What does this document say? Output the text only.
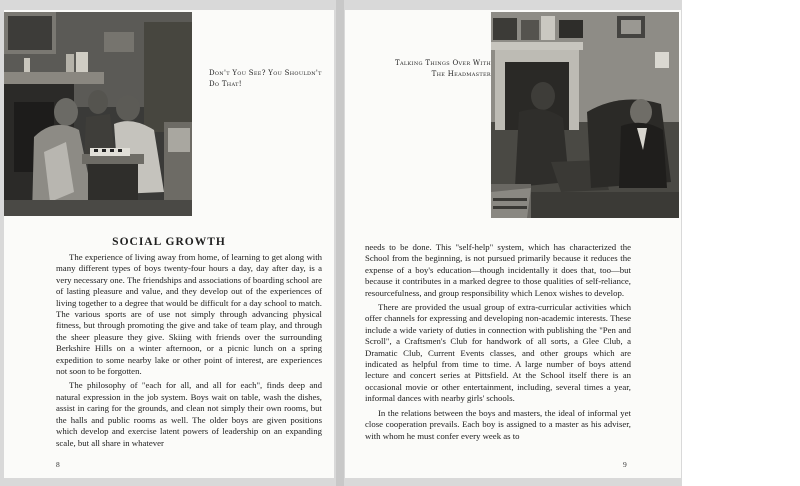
Don't You See? You Shouldn't
Do That!
SOCIAL GROWTH

The experience of living away from home, of learning to get along with many different types of boys twenty-four hours a day, day after day, is a very necessary one. The friendships and associations of boarding school are of lasting pleasure and value, and they develop out of the experiences of living together to a degree that would be difficult for a day school to match. The various sports are of use not simply through advancing physical fitness, but through promoting the give and take of team play, and through the sheer pleasure they give. Skiing with friends over the surrounding Berkshire Hills on a winter afternoon, or a picnic lunch on a spring expedition to some nearby lake or other point of interest, are experiences not soon to be forgotten.

The philosophy of "each for all, and all for each", finds deep and natural expression in the job system. Boys wait on table, wash the dishes, assist in caring for the grounds, and clean not simply their own rooms, but the halls and public rooms as well. The older boys are given positions which develop and exercise latent powers of leadership on an expanding scale, but all share in whatever

8
Talking Things Over With
The Headmaster

needs to be done. This "self-help" system, which has characterized the School from the beginning, is not pursued primarily because it reduces the expense of a boy's education—though incidentally it does that, too—but because it contributes in a marked degree to those qualities of self-reliance, resourcefulness, and group responsibility which Lenox wishes to develop.

There are provided the usual group of extra-curricular activities which offer channels for expressing and developing non-academic interests. These include a wide variety of duties in connection with publishing the "Pen and Scroll", a Craftsmen's Club for handwork of all sorts, a Glee Club, a Dramatic Club, Current Events classes, and other groups which are indicated as helpful from time to time. A large number of boys attend lecture and concert series at Pittsfield. At the School itself there is an occasional movie or other entertainment, including, several times a year, informal dances with nearby girls' schools.

In the relations between the boys and masters, the ideal of informal yet close cooperation prevails. Each boy is assigned to a master as his adviser, with whom he must confer every week as to

9
